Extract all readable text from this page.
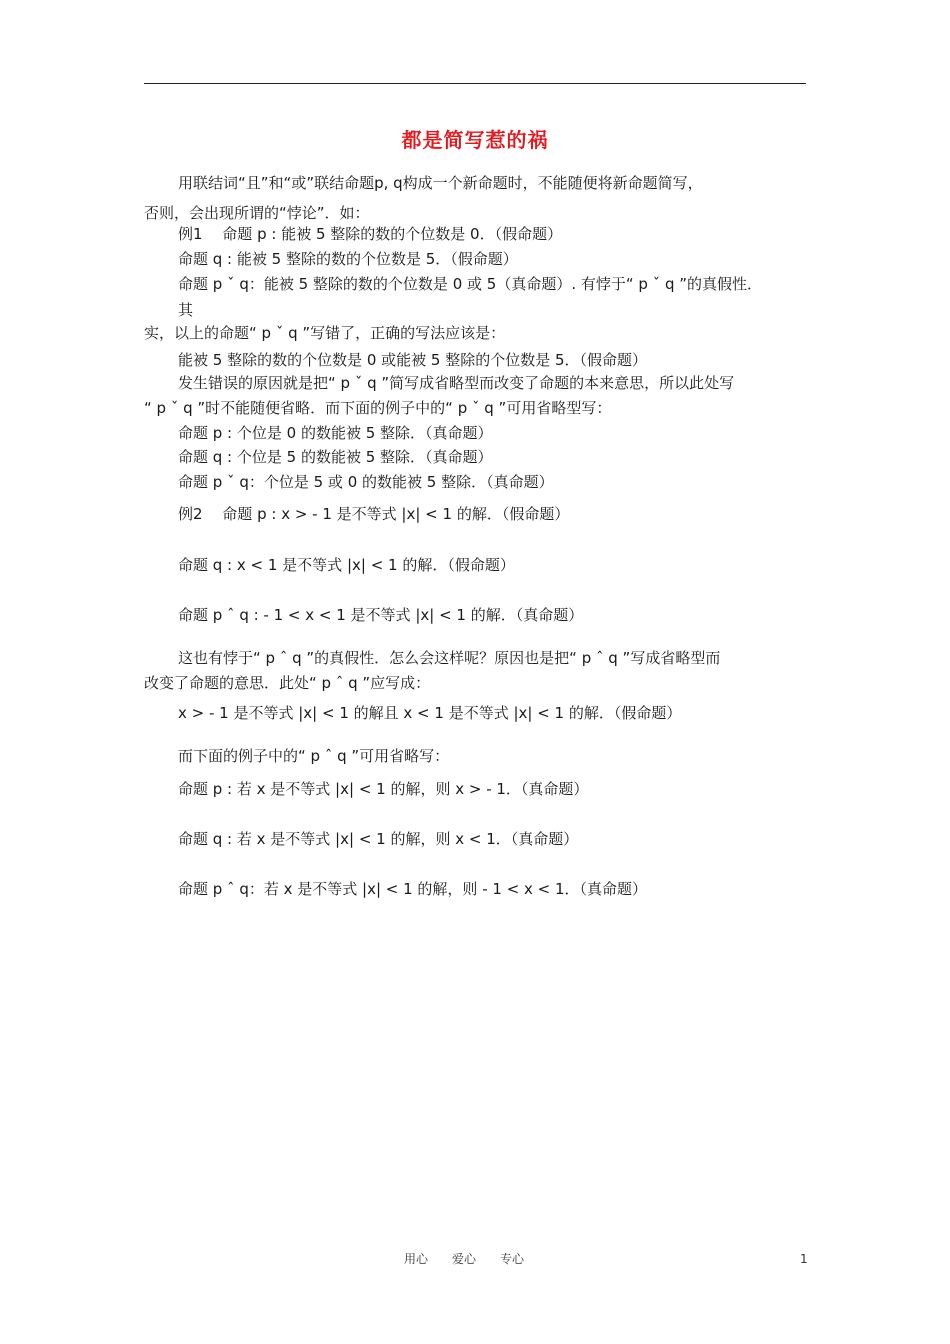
都是简写惹的祸
用联结词“且”和“或”联结命题p, q构成一个新命题时，不能随便将新命题简写，
否则，会出现所谓的“悖论”．如：
例1　 命题 p : 能被 5 整除的数的个位数是 0．（假命题）
命题 q : 能被 5 整除的数的个位数是 5．（假命题）
命题 p ˇ q：能被 5 整除的数的个位数是 0 或 5（真命题）. 有悖于“ p ˇ q ”的真假性．
其
实，以上的命题“ p ˇ q ”写错了，正确的写法应该是：
能被 5 整除的数的个位数是 0 或能被 5 整除的个位数是 5．（假命题）
发生错误的原因就是把“ p ˇ q ”简写成省略型而改变了命题的本来意思，所以此处写
“ p ˇ q ”时不能随便省略．而下面的例子中的“ p ˇ q ”可用省略型写：
命题 p : 个位是 0 的数能被 5 整除．（真命题）
命题 q : 个位是 5 的数能被 5 整除．（真命题）
命题 p ˇ q：个位是 5 或 0 的数能被 5 整除．（真命题）
例2　 命题 p : x > - 1 是不等式 |x| < 1 的解．（假命题）
命题 q : x < 1 是不等式 |x| < 1 的解．（假命题）
命题 p ˆ q : - 1 < x < 1 是不等式 |x| < 1 的解．（真命题）
这也有悖于“ p ˆ q ”的真假性．怎么会这样呢？原因也是把“ p ˆ q ”写成省略型而
改变了命题的意思．此处“ p ˆ q ”应写成：
x > - 1 是不等式 |x| < 1 的解且 x < 1 是不等式 |x| < 1 的解．（假命题）
而下面的例子中的“ p ˆ q ”可用省略写：
命题 p : 若 x 是不等式 |x| < 1 的解，则 x > - 1．（真命题）
命题 q : 若 x 是不等式 |x| < 1 的解，则 x < 1．（真命题）
命题 p ˆ q：若 x 是不等式 |x| < 1 的解，则 - 1 < x < 1．（真命题）
用心　　爱心　　专心	1
